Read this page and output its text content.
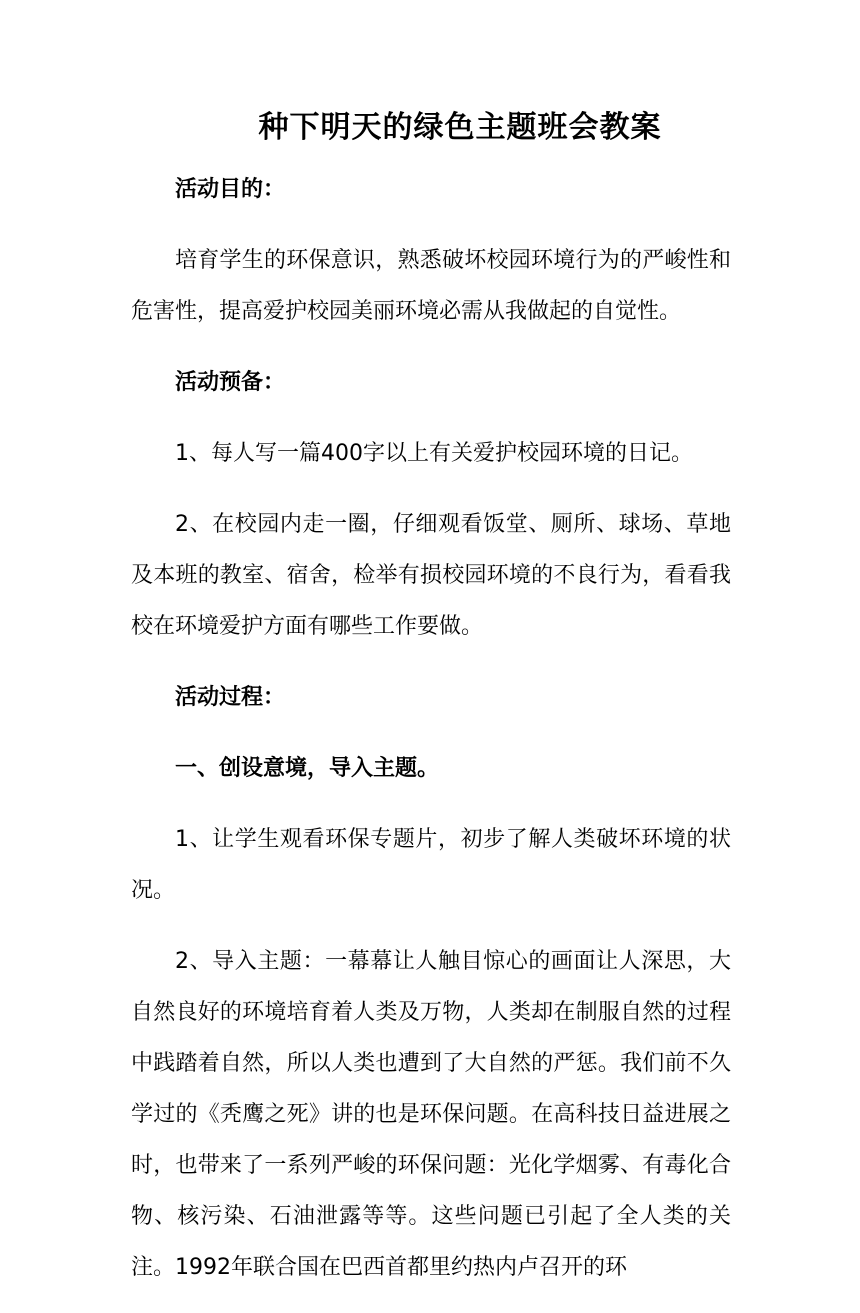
种下明天的绿色主题班会教案

活动目的：

培育学生的环保意识，熟悉破坏校园环境行为的严峻性和危害性，提高爱护校园美丽环境必需从我做起的自觉性。

活动预备：

1、每人写一篇400字以上有关爱护校园环境的日记。

2、在校园内走一圈，仔细观看饭堂、厕所、球场、草地及本班的教室、宿舍，检举有损校园环境的不良行为，看看我校在环境爱护方面有哪些工作要做。

活动过程：

一、创设意境，导入主题。

1、让学生观看环保专题片，初步了解人类破坏环境的状况。

2、导入主题：一幕幕让人触目惊心的画面让人深思，大自然良好的环境培育着人类及万物，人类却在制服自然的过程中践踏着自然，所以人类也遭到了大自然的严惩。我们前不久学过的《秃鹰之死》讲的也是环保问题。在高科技日益进展之时，也带来了一系列严峻的环保问题：光化学烟雾、有毒化合物、核污染、石油泄露等等。这些问题已引起了全人类的关注。1992年联合国在巴西首都里约热内卢召开的环
